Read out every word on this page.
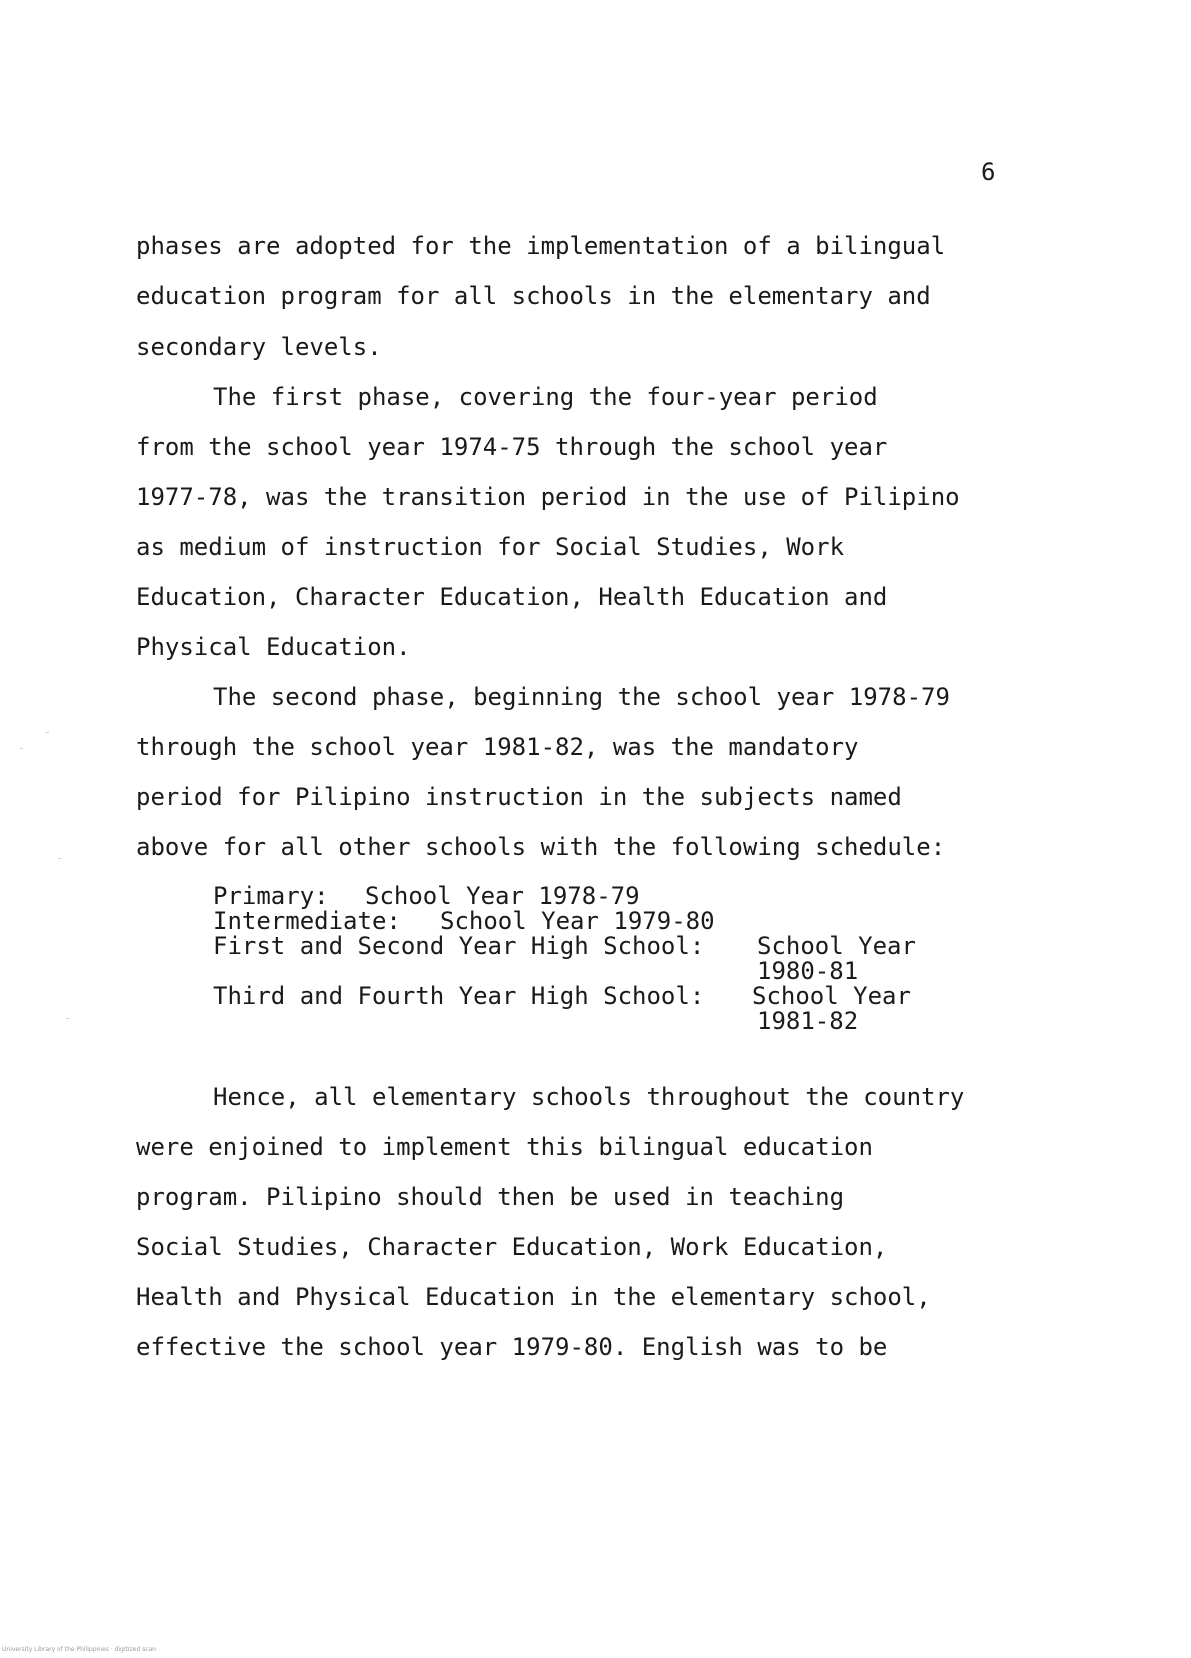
6
phases are adopted for the implementation of a bilingual
education program for all schools in the elementary and
secondary levels.
The first phase, covering the four-year period
from the school year 1974-75 through the school year
1977-78, was the transition period in the use of Pilipino
as medium of instruction for Social Studies, Work
Education, Character Education, Health Education and
Physical Education.
The second phase, beginning the school year 1978-79
through the school year 1981-82, was the mandatory
period for Pilipino instruction in the subjects named
above for all other schools with the following schedule:
Primary: School Year 1978-79
Intermediate: School Year 1979-80
First and Second Year High School: School Year
1980-81
Third and Fourth Year High School: School Year
1981-82
Hence, all elementary schools throughout the country
were enjoined to implement this bilingual education
program. Pilipino should then be used in teaching
Social Studies, Character Education, Work Education,
Health and Physical Education in the elementary school,
effective the school year 1979-80. English was to be
University Library of the Philippines · digitized scan
